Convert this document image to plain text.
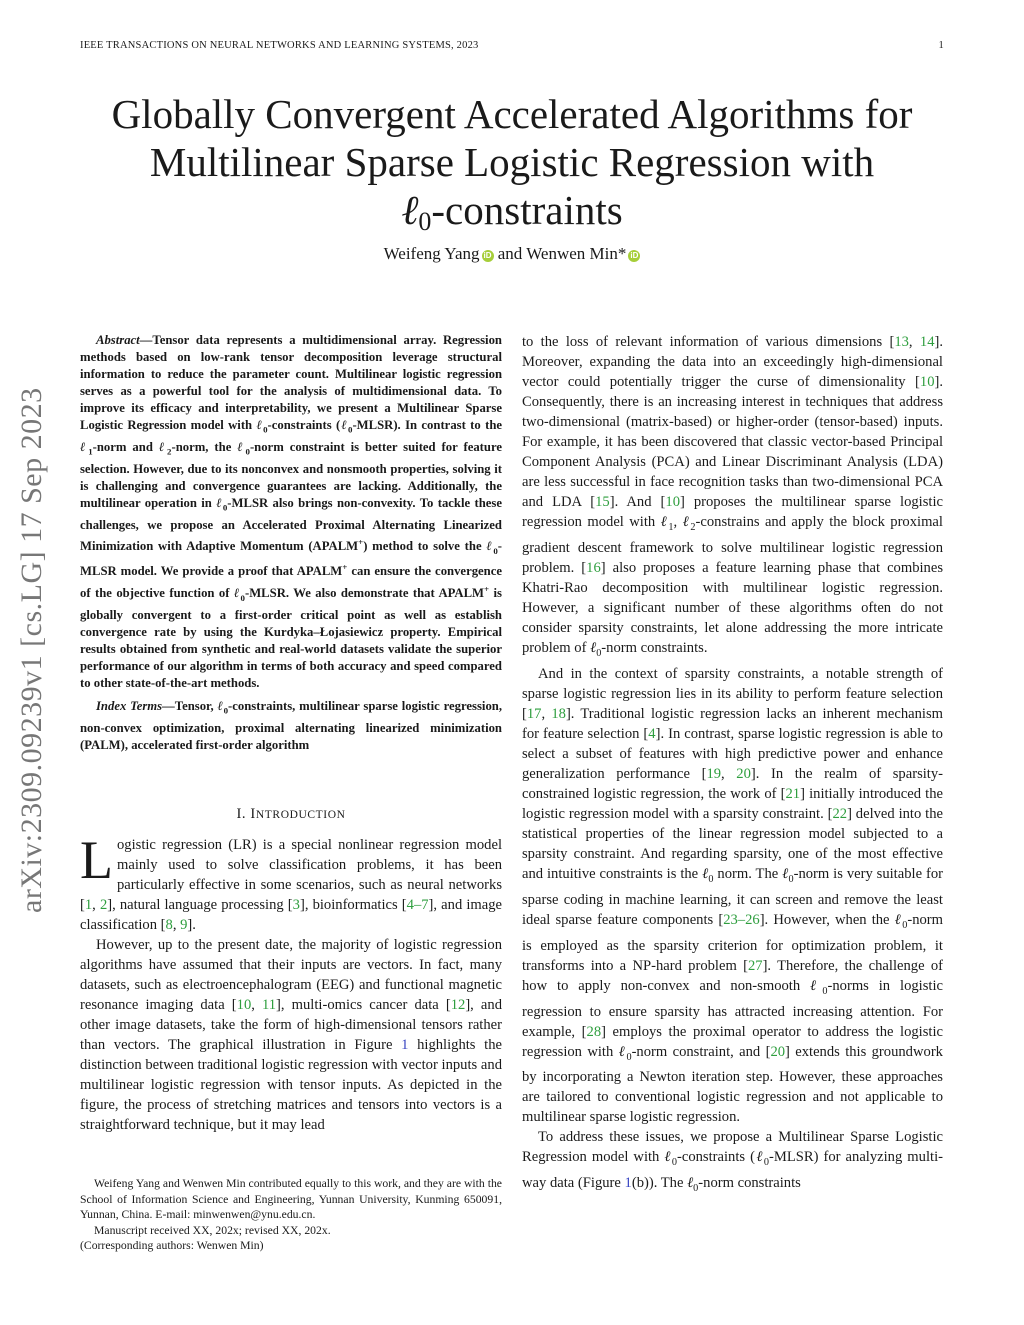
IEEE TRANSACTIONS ON NEURAL NETWORKS AND LEARNING SYSTEMS, 2023	1
arXiv:2309.09239v1 [cs.LG] 17 Sep 2023
Globally Convergent Accelerated Algorithms for
Multilinear Sparse Logistic Regression with
ℓ$_0$-constraints
Weifeng Yang iD and Wenwen Min* iD

Abstract—Tensor data represents a multidimensional array. Regression methods based on low-rank tensor decomposition leverage structural information to reduce the parameter count. Multilinear logistic regression serves as a powerful tool for the analysis of multidimensional data. To improve its efficacy and interpretability, we present a Multilinear Sparse Logistic Regression model with ℓ$_0$-constraints (ℓ$_0$-MLSR). In contrast to the ℓ$_1$-norm and ℓ$_2$-norm, the ℓ$_0$-norm constraint is better suited for feature selection. However, due to its nonconvex and nonsmooth properties, solving it is challenging and convergence guarantees are lacking. Additionally, the multilinear operation in ℓ$_0$-MLSR also brings non-convexity. To tackle these challenges, we propose an Accelerated Proximal Alternating Linearized Minimization with Adaptive Momentum (APALM+) method to solve the ℓ$_0$-MLSR model. We provide a proof that APALM+ can ensure the convergence of the objective function of ℓ$_0$-MLSR. We also demonstrate that APALM+ is globally convergent to a first-order critical point as well as establish convergence rate by using the Kurdyka–Łojasiewicz property. Empirical results obtained from synthetic and real-world datasets validate the superior performance of our algorithm in terms of both accuracy and speed compared to other state-of-the-art methods.

Index Terms—Tensor, ℓ$_0$-constraints, multilinear sparse logistic regression, non-convex optimization, proximal alternating linearized minimization (PALM), accelerated first-order algorithm

I. INTRODUCTION

Logistic regression (LR) is a special nonlinear regression model mainly used to solve classification problems, it has been particularly effective in some scenarios, such as neural networks [1, 2], natural language processing [3], bioinformatics [4–7], and image classification [8, 9].

However, up to the present date, the majority of logistic regression algorithms have assumed that their inputs are vectors. In fact, many datasets, such as electroencephalogram (EEG) and functional magnetic resonance imaging data [10, 11], multi-omics cancer data [12], and other image datasets, take the form of high-dimensional tensors rather than vectors. The graphical illustration in Figure 1 highlights the distinction between traditional logistic regression with vector inputs and multilinear logistic regression with tensor inputs. As depicted in the figure, the process of stretching matrices and tensors into vectors is a straightforward technique, but it may lead

to the loss of relevant information of various dimensions [13, 14]. Moreover, expanding the data into an exceedingly high-dimensional vector could potentially trigger the curse of dimensionality [10]. Consequently, there is an increasing interest in techniques that address two-dimensional (matrix-based) or higher-order (tensor-based) inputs. For example, it has been discovered that classic vector-based Principal Component Analysis (PCA) and Linear Discriminant Analysis (LDA) are less successful in face recognition tasks than two-dimensional PCA and LDA [15]. And [10] proposes the multilinear sparse logistic regression model with ℓ$_1$, ℓ$_2$-constrains and apply the block proximal gradient descent framework to solve multilinear logistic regression problem. [16] also proposes a feature learning phase that combines Khatri-Rao decomposition with multilinear logistic regression. However, a significant number of these algorithms often do not consider sparsity constraints, let alone addressing the more intricate problem of ℓ$_0$-norm constraints.

And in the context of sparsity constraints, a notable strength of sparse logistic regression lies in its ability to perform feature selection [17, 18]. Traditional logistic regression lacks an inherent mechanism for feature selection [4]. In contrast, sparse logistic regression is able to select a subset of features with high predictive power and enhance generalization performance [19, 20]. In the realm of sparsity-constrained logistic regression, the work of [21] initially introduced the logistic regression model with a sparsity constraint. [22] delved into the statistical properties of the linear regression model subjected to a sparsity constraint. And regarding sparsity, one of the most effective and intuitive constraints is the ℓ$_0$ norm. The ℓ$_0$-norm is very suitable for sparse coding in machine learning, it can screen and remove the least ideal sparse feature components [23–26]. However, when the ℓ$_0$-norm is employed as the sparsity criterion for optimization problem, it transforms into a NP-hard problem [27]. Therefore, the challenge of how to apply non-convex and non-smooth ℓ$_0$-norms in logistic regression to ensure sparsity has attracted increasing attention. For example, [28] employs the proximal operator to address the logistic regression with ℓ$_0$-norm constraint, and [20] extends this groundwork by incorporating a Newton iteration step. However, these approaches are tailored to conventional logistic regression and not applicable to multilinear sparse logistic regression.

To address these issues, we propose a Multilinear Sparse Logistic Regression model with ℓ$_0$-constraints (ℓ$_0$-MLSR) for analyzing multi-way data (Figure 1(b)). The ℓ$_0$-norm constraints

Weifeng Yang and Wenwen Min contributed equally to this work, and they are with the School of Information Science and Engineering, Yunnan University, Kunming 650091, Yunnan, China. E-mail: minwenwen@ynu.edu.cn.

Manuscript received XX, 202x; revised XX, 202x.

(Corresponding authors: Wenwen Min)
